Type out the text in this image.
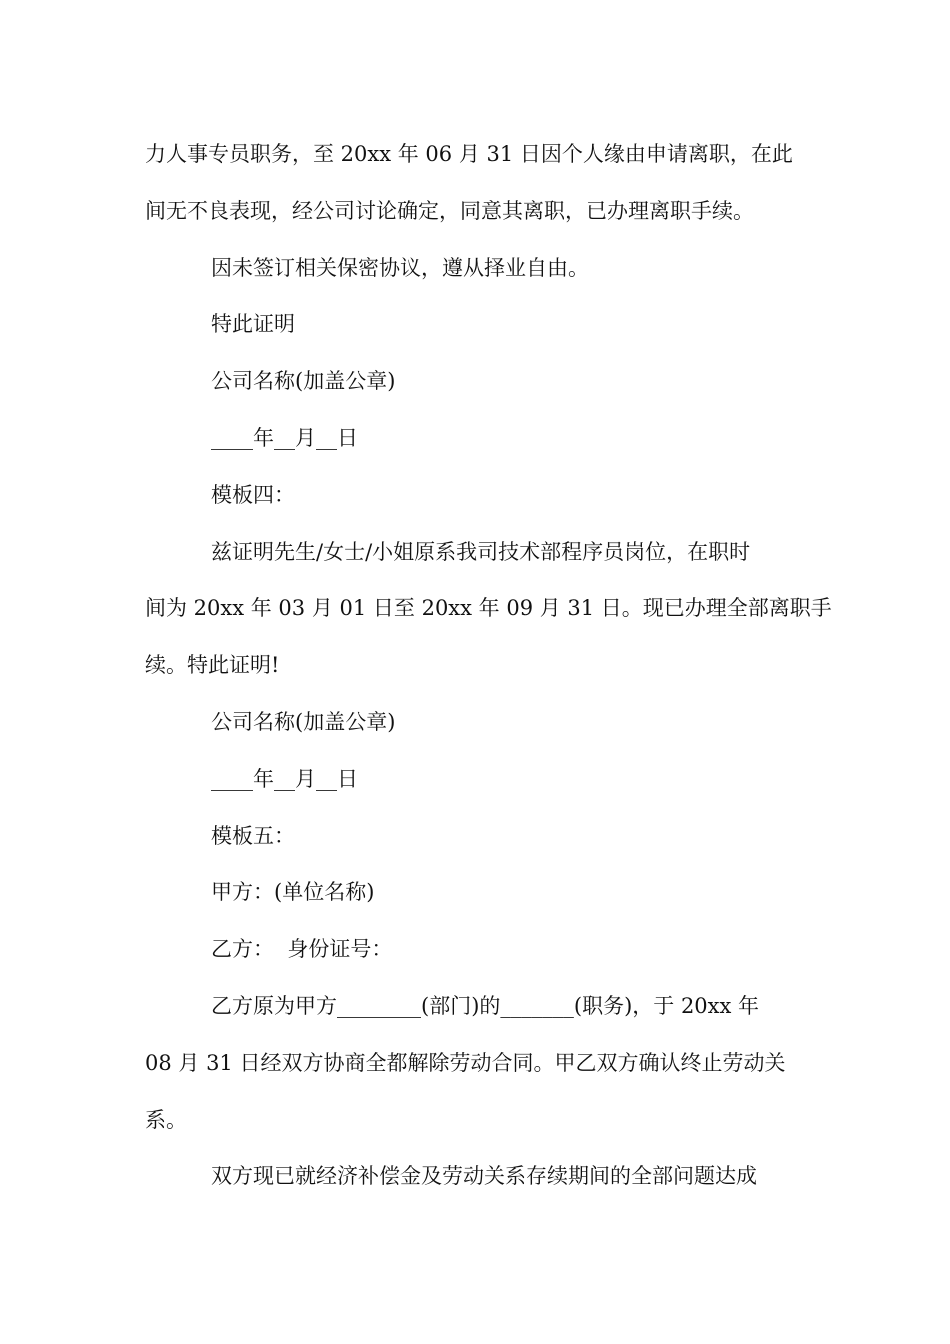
力人事专员职务，至 20xx 年 06 月 31 日因个人缘由申请离职，在此

间无不良表现，经公司讨论确定，同意其离职，已办理离职手续。

因未签订相关保密协议，遵从择业自由。

特此证明

公司名称(加盖公章)

____年__月__日

模板四：

兹证明先生/女士/小姐原系我司技术部程序员岗位，在职时

间为 20xx 年 03 月 01 日至 20xx 年 09 月 31 日。现已办理全部离职手

续。特此证明!

公司名称(加盖公章)

____年__月__日

模板五：

甲方：(单位名称)

乙方：  身份证号：

乙方原为甲方________(部门)的_______(职务)，于 20xx 年

08 月 31 日经双方协商全都解除劳动合同。甲乙双方确认终止劳动关

系。

双方现已就经济补偿金及劳动关系存续期间的全部问题达成
